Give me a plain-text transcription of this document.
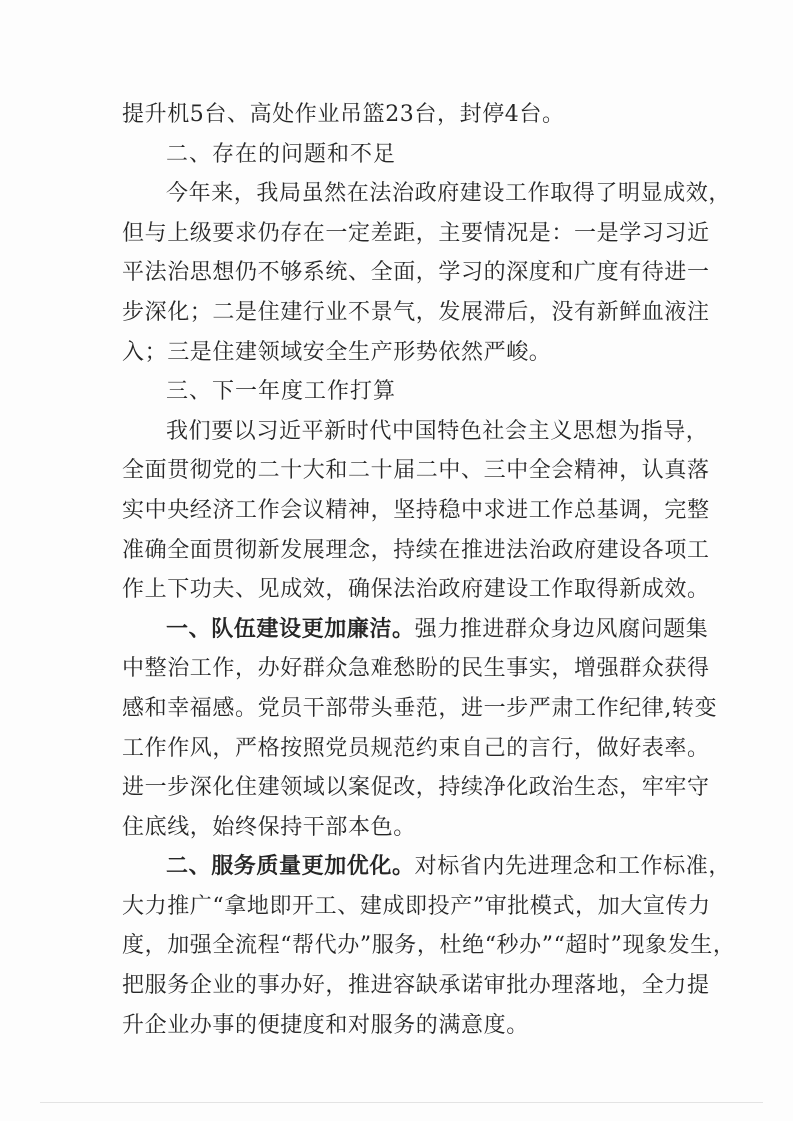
提升机5台、高处作业吊篮23台，封停4台。
二、存在的问题和不足
今年来，我局虽然在法治政府建设工作取得了明显成效，
但与上级要求仍存在一定差距，主要情况是：一是学习习近
平法治思想仍不够系统、全面，学习的深度和广度有待进一
步深化；二是住建行业不景气，发展滞后，没有新鲜血液注
入；三是住建领域安全生产形势依然严峻。
三、下一年度工作打算
我们要以习近平新时代中国特色社会主义思想为指导，
全面贯彻党的二十大和二十届二中、三中全会精神，认真落
实中央经济工作会议精神，坚持稳中求进工作总基调，完整
准确全面贯彻新发展理念，持续在推进法治政府建设各项工
作上下功夫、见成效，确保法治政府建设工作取得新成效。
一、队伍建设更加廉洁。强力推进群众身边风腐问题集
中整治工作，办好群众急难愁盼的民生事实，增强群众获得
感和幸福感。党员干部带头垂范，进一步严肃工作纪律,转变
工作作风，严格按照党员规范约束自己的言行，做好表率。
进一步深化住建领域以案促改，持续净化政治生态，牢牢守
住底线，始终保持干部本色。
二、服务质量更加优化。对标省内先进理念和工作标准，
大力推广“拿地即开工、建成即投产”审批模式，加大宣传力
度，加强全流程“帮代办”服务，杜绝“秒办”“超时”现象发生，
把服务企业的事办好，推进容缺承诺审批办理落地，全力提
升企业办事的便捷度和对服务的满意度。
